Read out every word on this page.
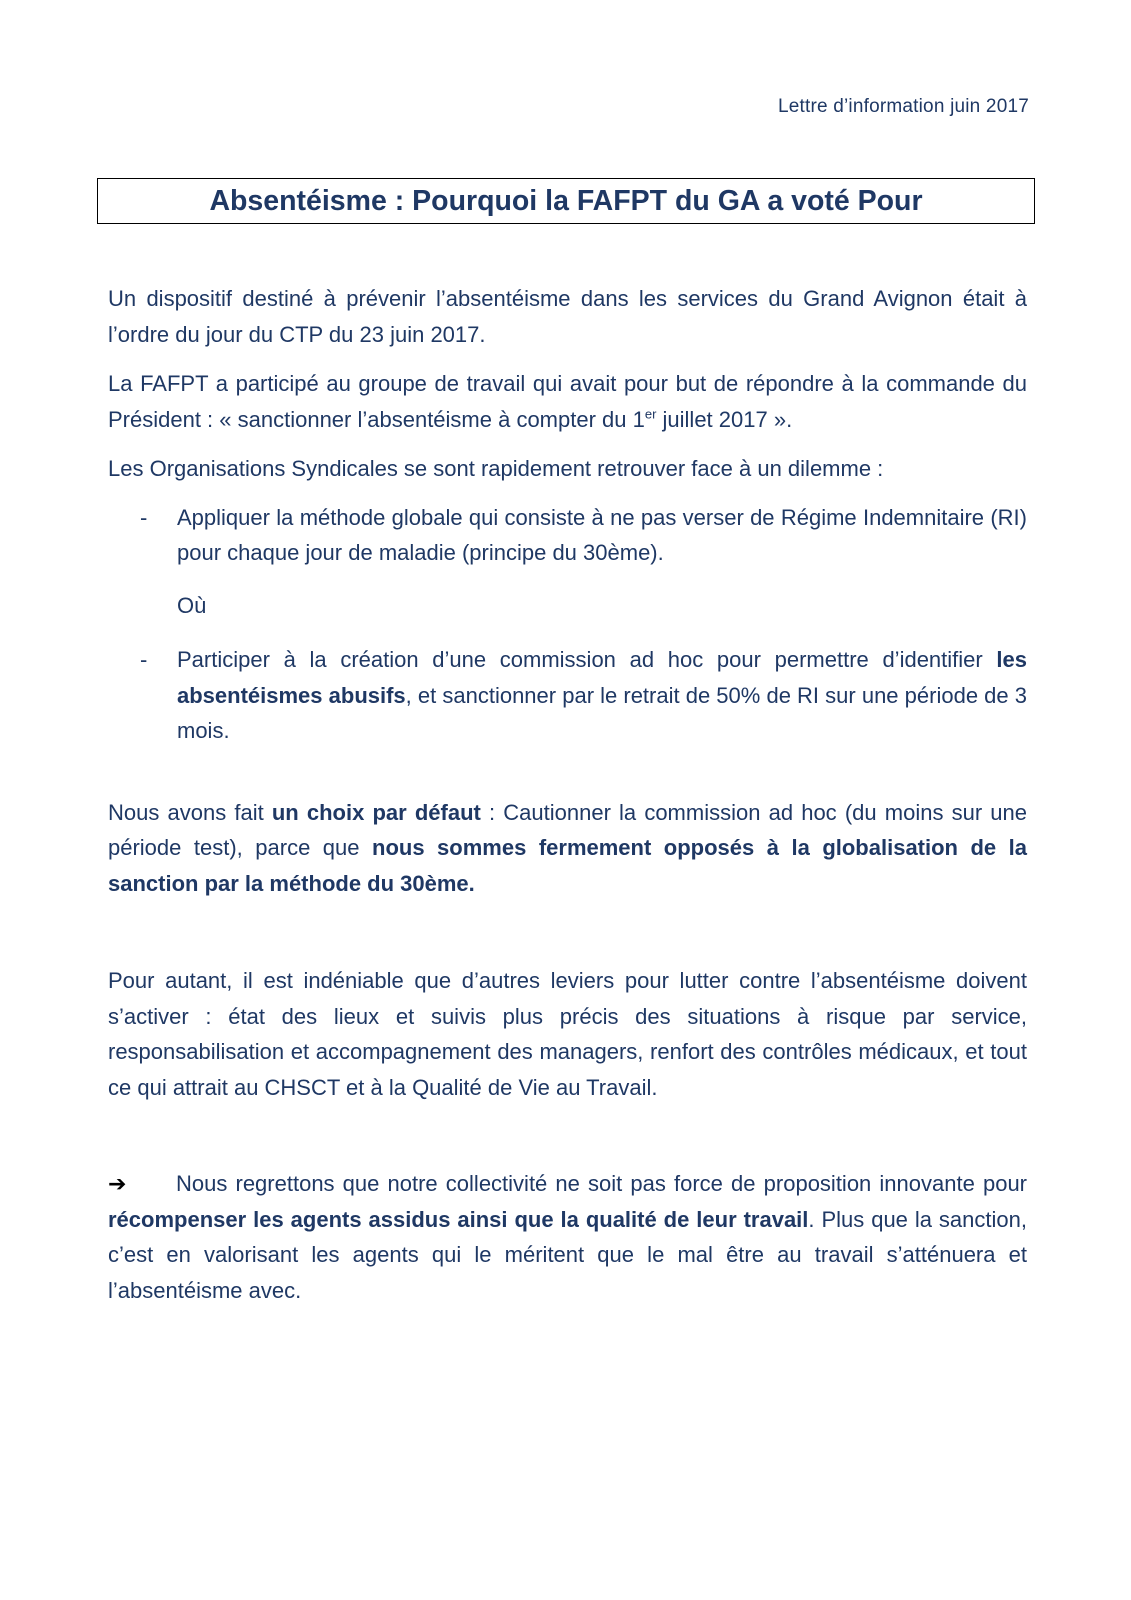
Lettre d’information juin 2017
Absentéisme : Pourquoi la FAFPT du GA a voté Pour

Un dispositif destiné à prévenir l’absentéisme dans les services du Grand Avignon était à l’ordre du jour du CTP du 23 juin 2017.

La FAFPT a participé au groupe de travail qui avait pour but de répondre à la commande du Président : « sanctionner l’absentéisme à compter du 1er juillet 2017 ».

Les Organisations Syndicales se sont rapidement retrouver face à un dilemme :

-	Appliquer la méthode globale qui consiste à ne pas verser de Régime Indemnitaire (RI) pour chaque jour de maladie (principe du 30ème).

Où

-	Participer à la création d’une commission ad hoc pour permettre d’identifier les absentéismes abusifs, et sanctionner par le retrait de 50% de RI sur une période de 3 mois.

Nous avons fait un choix par défaut : Cautionner la commission ad hoc (du moins sur une période test), parce que nous sommes fermement opposés à la globalisation de la sanction par la méthode du 30ème.

Pour autant, il est indéniable que d’autres leviers pour lutter contre l’absentéisme doivent s’activer : état des lieux et suivis plus précis des situations à risque par service, responsabilisation et accompagnement des managers, renfort des contrôles médicaux, et tout ce qui attrait au CHSCT et à la Qualité de Vie au Travail.

➔ Nous regrettons que notre collectivité ne soit pas force de proposition innovante pour récompenser les agents assidus ainsi que la qualité de leur travail. Plus que la sanction, c’est en valorisant les agents qui le méritent que le mal être au travail s’atténuera et l’absentéisme avec.
